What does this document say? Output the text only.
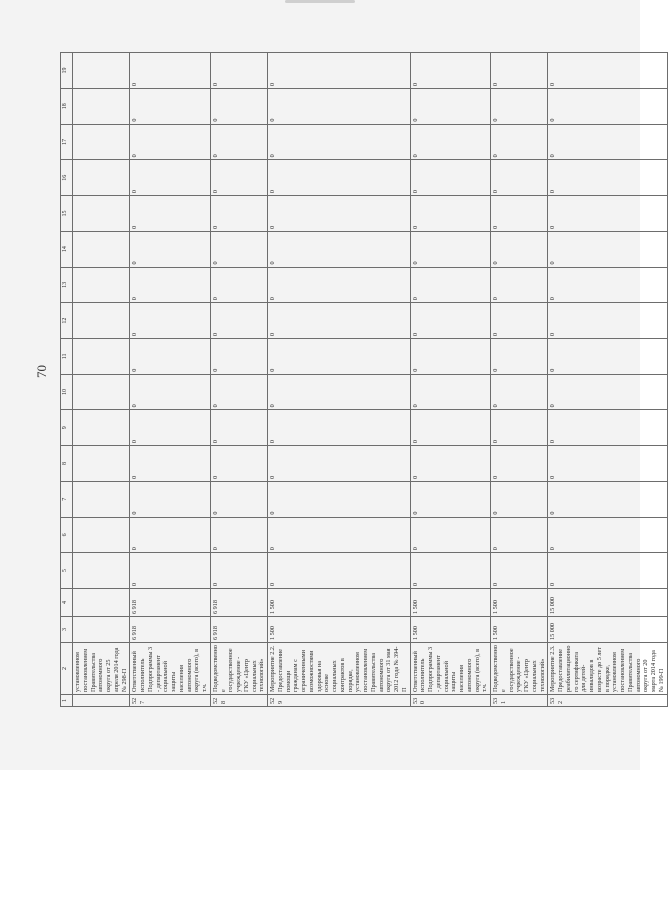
70
1	2	3	4	5	6	7	8	9	10	11	12	13	14	15	16	17	18	19
	установленном постановлением Правительства автономного округа от 25 апреля 2014 года № 298-П																	
527	Ответственный исполнитель Подпрограммы 3 - департамент социальной защиты населения автономного округа (всего), в т.ч.	6 918	6 918	0	0	0	0	0	0	0	0	0	0	0	0	0	0	0
528	Подведомственное государственное учреждение - ГКУ «Центр социальных технологий»	6 918	6 918	0	0	0	0	0	0	0	0	0	0	0	0	0	0	0
529	Мероприятие 2.2. Предоставление помощи гражданам с ограниченными возможностями здоровья на основе социальных контрактов в порядке, установленном постановлением Правительства автономного округа от 31 мая 2012 года № 394-П	1 500	1 500	0	0	0	0	0	0	0	0	0	0	0	0	0	0	0
530	Ответственный исполнитель Подпрограммы 3 - департамент социальной защиты населения автономного округа (всего), в т.ч.	1 500	1 500	0	0	0	0	0	0	0	0	0	0	0	0	0	0	0
531	Подведомственное государственное учреждение - ГКУ «Центр социальных технологий»	1 500	1 500	0	0	0	0	0	0	0	0	0	0	0	0	0	0	0
532	Мероприятие 2.3. Предоставление реабилитационного сертификата для детей-инвалидов в возрасте до 5 лет в порядке, установленном постановлением Правительства автономного округа от 20 марта 2014 года № 199-П	15 000	15 000	0	0	0	0	0	0	0	0	0	0	0	0	0	0	0
